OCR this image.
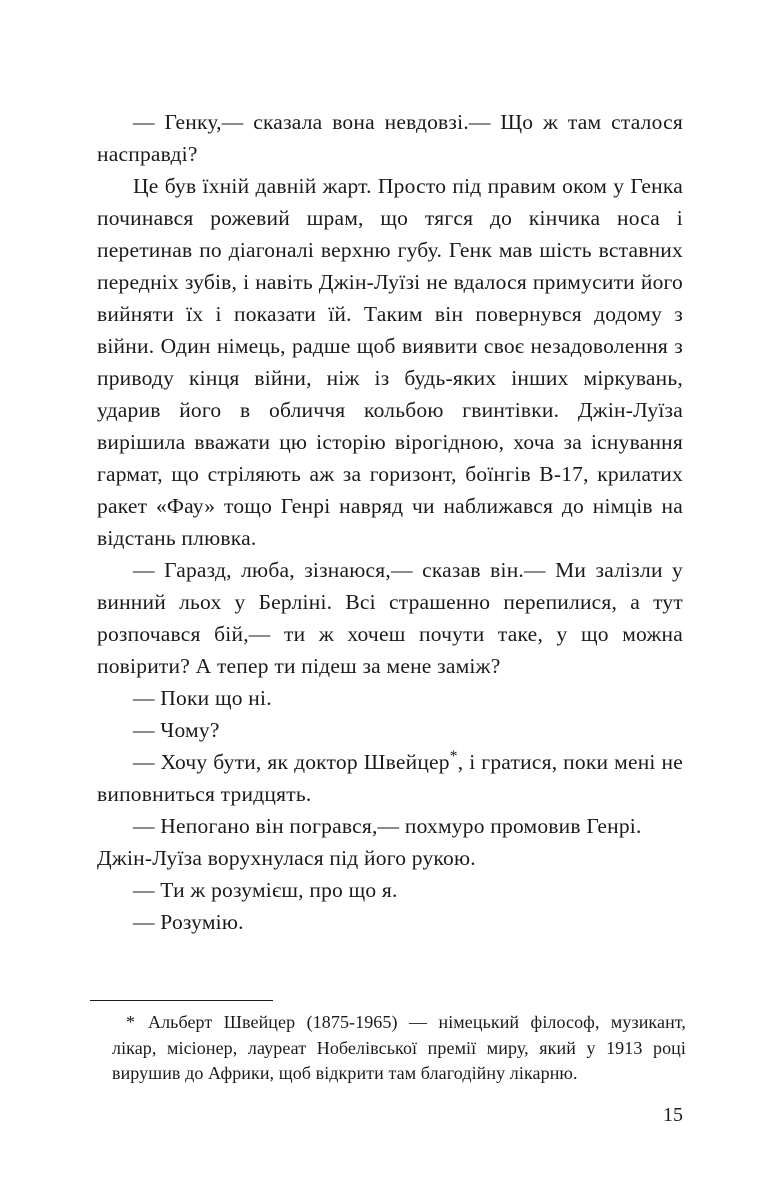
— Генку,— сказала вона невдовзі.— Що ж там сталося насправді?

Це був їхній давній жарт. Просто під правим оком у Генка починався рожевий шрам, що тягся до кінчика носа і перетинав по діагоналі верхню губу. Генк мав шість вставних передніх зубів, і навіть Джін-Луїзі не вдалося примусити його вийняти їх і показати їй. Таким він повернувся додому з війни. Один німець, радше щоб виявити своє незадоволення з приводу кінця війни, ніж із будь-яких інших міркувань, ударив його в обличчя кольбою гвинтівки. Джін-Луїза вирішила вважати цю історію вірогідною, хоча за існування гармат, що стріляють аж за горизонт, боїнгів B-17, крилатих ракет «Фау» тощо Генрі навряд чи наближався до німців на відстань плювка.

— Гаразд, люба, зізнаюся,— сказав він.— Ми залізли у винний льох у Берліні. Всі страшенно перепилися, а тут розпочався бій,— ти ж хочеш почути таке, у що можна повірити? А тепер ти підеш за мене заміж?

— Поки що ні.

— Чому?

— Хочу бути, як доктор Швейцер*, і гратися, поки мені не виповниться тридцять.

— Непогано він погрався,— похмуро промовив Генрі.

Джін-Луїза ворухнулася під його рукою.

— Ти ж розумієш, про що я.

— Розумію.

* Альберт Швейцер (1875-1965) — німецький філософ, музикант, лікар, місіонер, лауреат Нобелівської премії миру, який у 1913 році вирушив до Африки, щоб відкрити там благодійну лікарню.

15
